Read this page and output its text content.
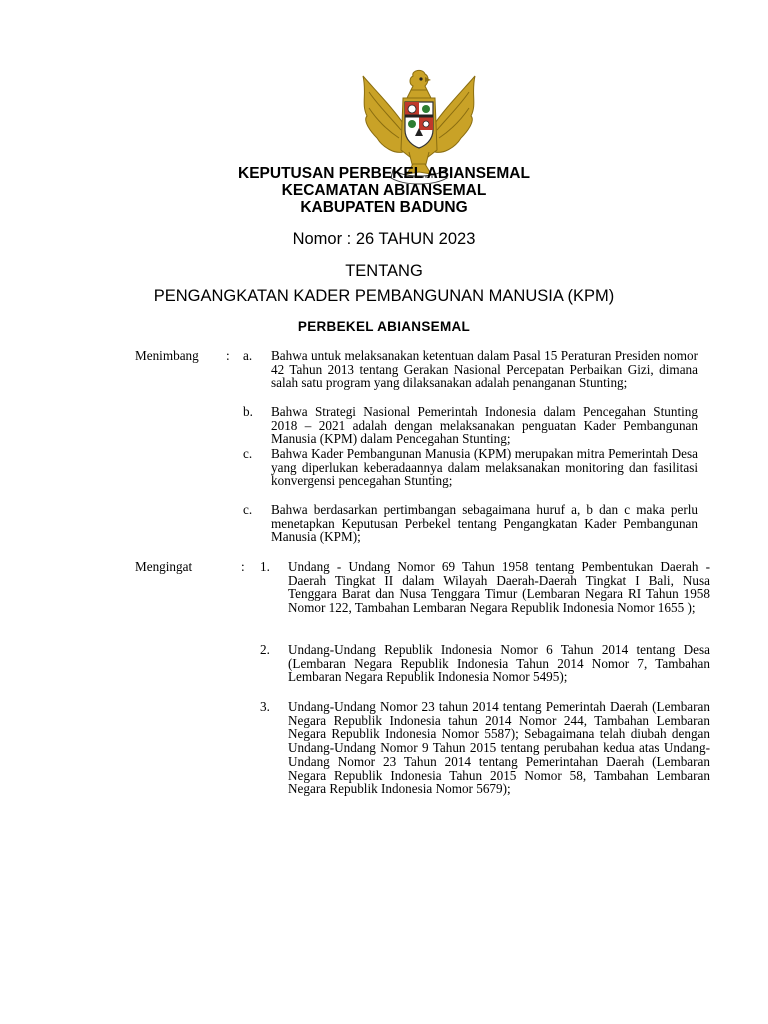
KEPUTUSAN PERBEKEL ABIANSEMAL
KECAMATAN ABIANSEMAL
KABUPATEN BADUNG
Nomor : 26 TAHUN 2023
TENTANG
PENGANGKATAN KADER PEMBANGUNAN MANUSIA (KPM)
PERBEKEL ABIANSEMAL
Menimbang : a. Bahwa untuk melaksanakan ketentuan dalam Pasal 15 Peraturan Presiden nomor 42 Tahun 2013 tentang Gerakan Nasional Percepatan Perbaikan Gizi, dimana salah satu program yang dilaksanakan adalah penanganan Stunting;
b. Bahwa Strategi Nasional Pemerintah Indonesia dalam Pencegahan Stunting 2018 – 2021 adalah dengan melaksanakan penguatan Kader Pembangunan Manusia (KPM) dalam Pencegahan Stunting;
c. Bahwa Kader Pembangunan Manusia (KPM) merupakan mitra Pemerintah Desa yang diperlukan keberadaannya dalam melaksanakan monitoring dan fasilitasi konvergensi pencegahan Stunting;
c. Bahwa berdasarkan pertimbangan sebagaimana huruf a, b dan c maka perlu menetapkan Keputusan Perbekel tentang Pengangkatan Kader Pembangunan Manusia (KPM);
Mengingat	: 1. Undang - Undang Nomor 69 Tahun 1958 tentang Pembentukan Daerah - Daerah Tingkat II dalam Wilayah Daerah-Daerah Tingkat I Bali, Nusa Tenggara Barat dan Nusa Tenggara Timur (Lembaran Negara RI Tahun 1958 Nomor 122, Tambahan Lembaran Negara Republik Indonesia Nomor 1655 );
2. Undang-Undang Republik Indonesia Nomor 6 Tahun 2014 tentang Desa (Lembaran Negara Republik Indonesia Tahun 2014 Nomor 7, Tambahan Lembaran Negara Republik Indonesia Nomor 5495);
3. Undang-Undang Nomor 23 tahun 2014 tentang Pemerintah Daerah (Lembaran Negara Republik Indonesia tahun 2014 Nomor 244, Tambahan Lembaran Negara Republik Indonesia Nomor 5587); Sebagaimana telah diubah dengan Undang-Undang Nomor 9 Tahun 2015 tentang perubahan kedua atas Undang-Undang Nomor 23 Tahun 2014 tentang Pemerintahan Daerah (Lembaran Negara Republik Indonesia Tahun 2015 Nomor 58, Tambahan Lembaran Negara Republik Indonesia Nomor 5679);
